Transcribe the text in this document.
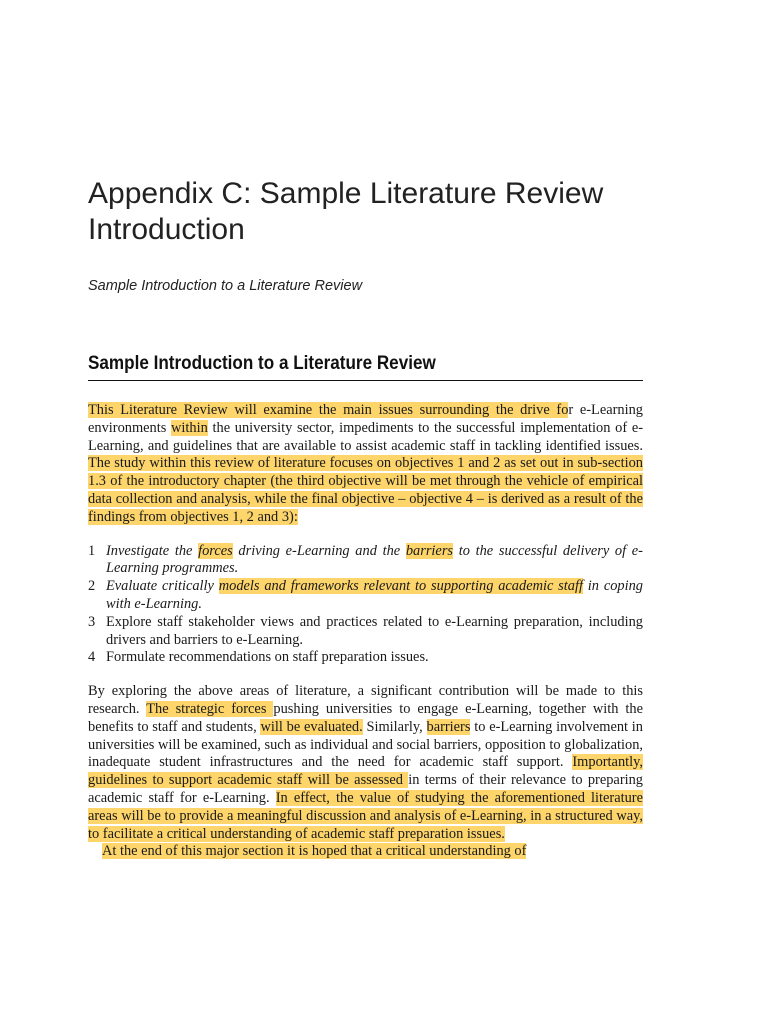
Appendix C: Sample Literature Review Introduction

Sample Introduction to a Literature Review

Sample Introduction to a Literature Review

This Literature Review will examine the main issues surrounding the drive for e-Learning environments within the university sector, impediments to the successful implementation of e-Learning, and guidelines that are available to assist academic staff in tackling identified issues. The study within this review of literature focuses on objectives 1 and 2 as set out in sub-section 1.3 of the introductory chapter (the third objective will be met through the vehicle of empirical data collection and analysis, while the final objective – objective 4 – is derived as a result of the findings from objectives 1, 2 and 3):

1 Investigate the forces driving e-Learning and the barriers to the successful delivery of e-Learning programmes.
2 Evaluate critically models and frameworks relevant to supporting academic staff in coping with e-Learning.
3 Explore staff stakeholder views and practices related to e-Learning preparation, including drivers and barriers to e-Learning.
4 Formulate recommendations on staff preparation issues.

By exploring the above areas of literature, a significant contribution will be made to this research. The strategic forces pushing universities to engage e-Learning, together with the benefits to staff and students, will be evaluated. Similarly, barriers to e-Learning involvement in universities will be examined, such as individual and social barriers, opposition to globalization, inadequate student infrastructures and the need for academic staff support. Importantly, guidelines to support academic staff will be assessed in terms of their relevance to preparing academic staff for e-Learning. In effect, the value of studying the aforementioned literature areas will be to provide a meaningful discussion and analysis of e-Learning, in a structured way, to facilitate a critical understanding of academic staff preparation issues.

At the end of this major section it is hoped that a critical understanding of
